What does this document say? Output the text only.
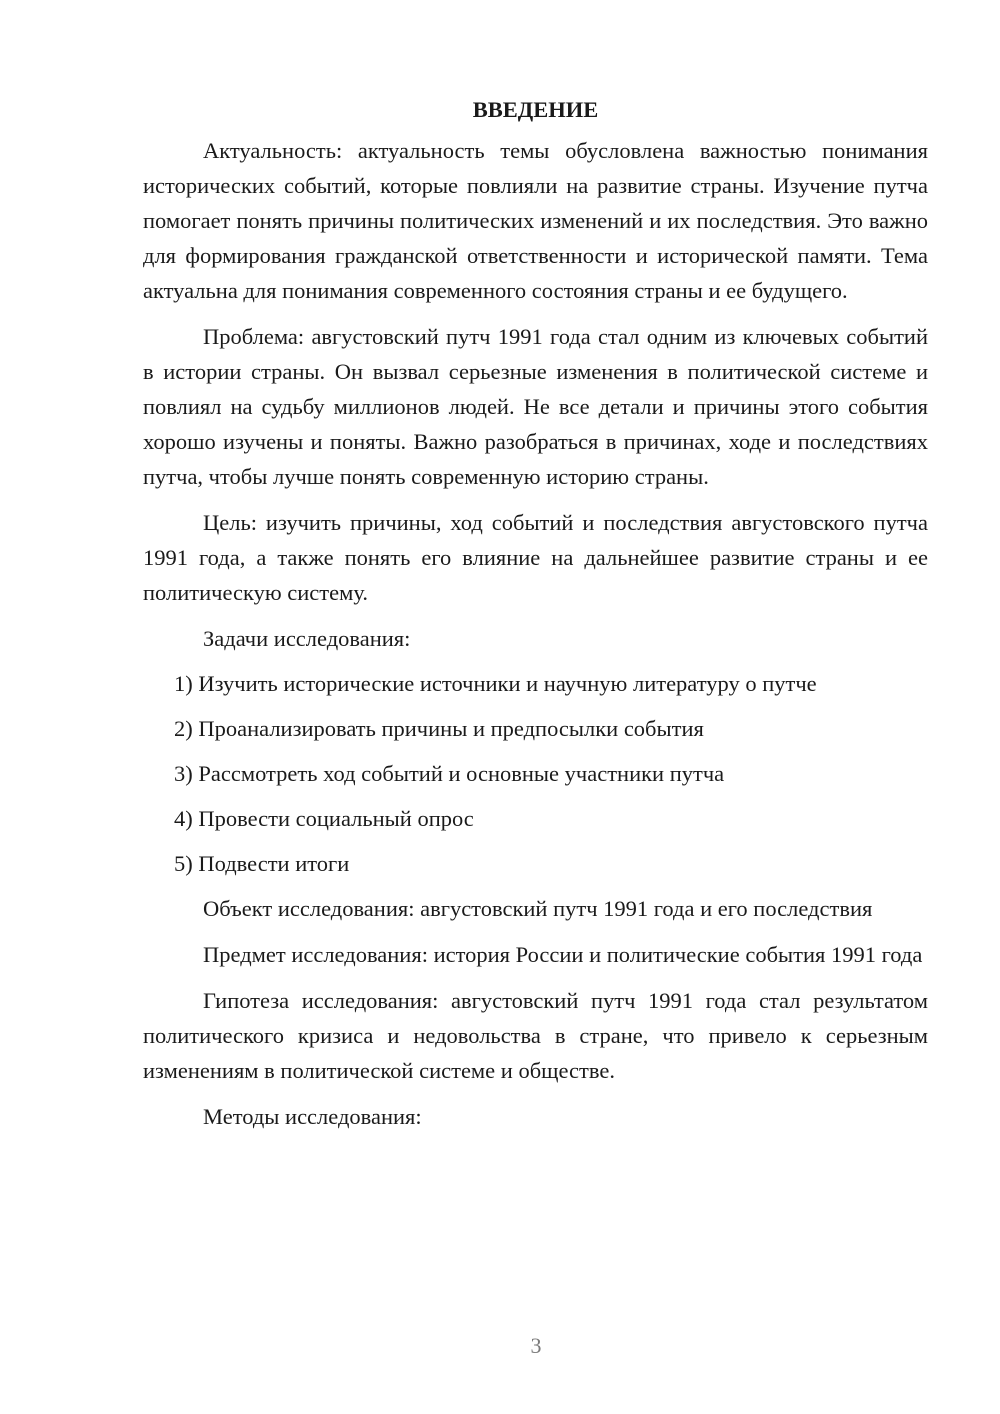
ВВЕДЕНИЕ

Актуальность: актуальность темы обусловлена важностью понимания исторических событий, которые повлияли на развитие страны. Изучение путча помогает понять причины политических изменений и их последствия. Это важно для формирования гражданской ответственности и исторической памяти. Тема актуальна для понимания современного состояния страны и ее будущего.

Проблема: августовский путч 1991 года стал одним из ключевых событий в истории страны. Он вызвал серьезные изменения в политической системе и повлиял на судьбу миллионов людей. Не все детали и причины этого события хорошо изучены и поняты. Важно разобраться в причинах, ходе и последствиях путча, чтобы лучше понять современную историю страны.

Цель: изучить причины, ход событий и последствия августовского путча 1991 года, а также понять его влияние на дальнейшее развитие страны и ее политическую систему.

Задачи исследования:

1) Изучить исторические источники и научную литературу о путче
2) Проанализировать причины и предпосылки события
3) Рассмотреть ход событий и основные участники путча
4) Провести социальный опрос
5) Подвести итоги

Объект исследования: августовский путч 1991 года и его последствия

Предмет исследования: история России и политические события 1991 года

Гипотеза исследования: августовский путч 1991 года стал результатом политического кризиса и недовольства в стране, что привело к серьезным изменениям в политической системе и обществе.

Методы исследования:

3
